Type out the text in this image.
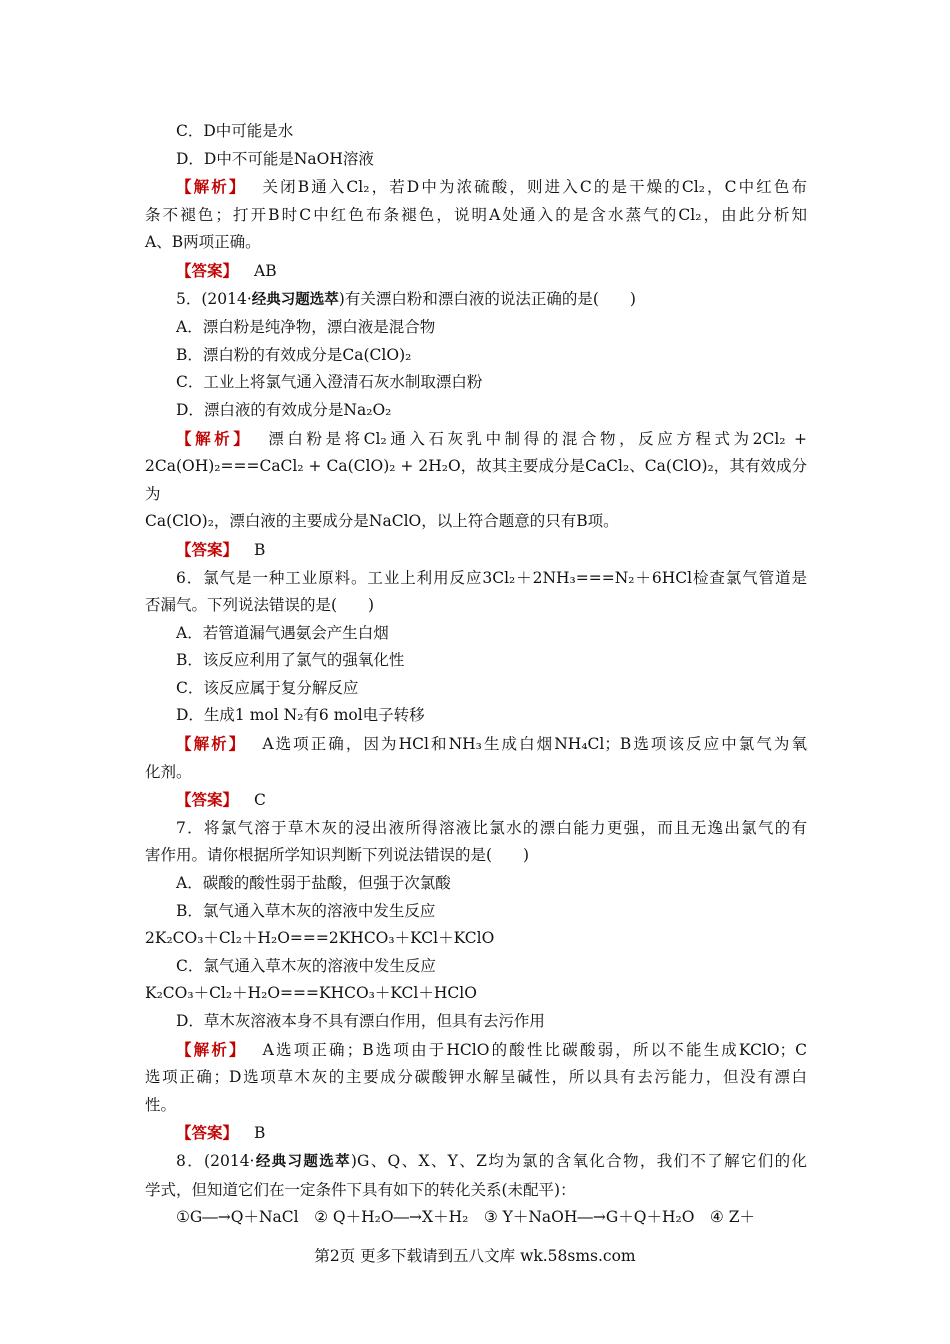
C．D中可能是水
D．D中不可能是NaOH溶液
【解析】 关闭B通入Cl₂，若D中为浓硫酸，则进入C的是干燥的Cl₂，C中红色布
条不褪色；打开B时C中红色布条褪色，说明A处通入的是含水蒸气的Cl₂，由此分析知
A、B两项正确。
【答案】 AB
5．(2014·经典习题选萃)有关漂白粉和漂白液的说法正确的是(　　)
A．漂白粉是纯净物，漂白液是混合物
B．漂白粉的有效成分是Ca(ClO)₂
C．工业上将氯气通入澄清石灰水制取漂白粉
D．漂白液的有效成分是Na₂O₂
【解析】 漂白粉是将Cl₂通入石灰乳中制得的混合物，反应方程式为2Cl₂ +
2Ca(OH)₂===CaCl₂ + Ca(ClO)₂ + 2H₂O，故其主要成分是CaCl₂、Ca(ClO)₂，其有效成分为
Ca(ClO)₂，漂白液的主要成分是NaClO，以上符合题意的只有B项。
【答案】 B
6．氯气是一种工业原料。工业上利用反应3Cl₂＋2NH₃===N₂＋6HCl检查氯气管道是
否漏气。下列说法错误的是(　　)
A．若管道漏气遇氨会产生白烟
B．该反应利用了氯气的强氧化性
C．该反应属于复分解反应
D．生成1 mol N₂有6 mol电子转移
【解析】 A选项正确，因为HCl和NH₃生成白烟NH₄Cl；B选项该反应中氯气为氧
化剂。
【答案】 C
7．将氯气溶于草木灰的浸出液所得溶液比氯水的漂白能力更强，而且无逸出氯气的有
害作用。请你根据所学知识判断下列说法错误的是(　　)
A．碳酸的酸性弱于盐酸，但强于次氯酸
B．氯气通入草木灰的溶液中发生反应
2K₂CO₃＋Cl₂＋H₂O===2KHCO₃＋KCl＋KClO
C．氯气通入草木灰的溶液中发生反应
K₂CO₃＋Cl₂＋H₂O===KHCO₃＋KCl＋HClO
D．草木灰溶液本身不具有漂白作用，但具有去污作用
【解析】 A选项正确；B选项由于HClO的酸性比碳酸弱，所以不能生成KClO；C
选项正确；D选项草木灰的主要成分碳酸钾水解呈碱性，所以具有去污能力，但没有漂白
性。
【答案】 B
8．(2014·经典习题选萃)G、Q、X、Y、Z均为氯的含氧化合物，我们不了解它们的化
学式，但知道它们在一定条件下具有如下的转化关系(未配平)：
①G―→Q＋NaCl　② Q＋H₂O―→X＋H₂　③ Y＋NaOH―→G＋Q＋H₂O　④ Z＋
第2页 更多下载请到五八文库 wk.58sms.com
